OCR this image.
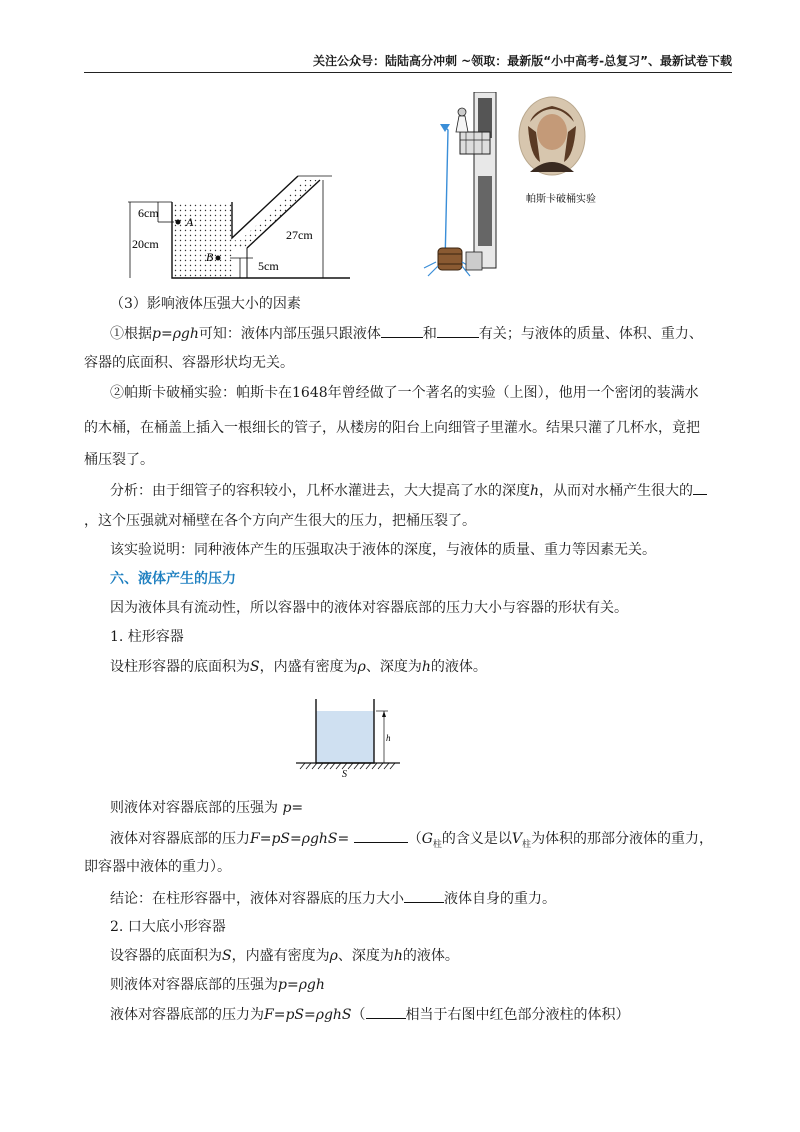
关注公众号：陆陆高分冲刺 ~领取：最新版“小中高考-总复习”、最新试卷下载
6cm
20cm
27cm
5cm
A
B
帕斯卡破桶实验
（3）影响液体压强大小的因素
①根据p=ρgh可知：液体内部压强只跟液体	和	有关；与液体的质量、体积、重力、
容器的底面积、容器形状均无关。
②帕斯卡破桶实验：帕斯卡在1648年曾经做了一个著名的实验（上图），他用一个密闭的装满水
的木桶，在桶盖上插入一根细长的管子，从楼房的阳台上向细管子里灌水。结果只灌了几杯水，竟把
桶压裂了。
分析：由于细管子的容积较小，几杯水灌进去，大大提高了水的深度h，从而对水桶产生很大的
，这个压强就对桶壁在各个方向产生很大的压力，把桶压裂了。
该实验说明：同种液体产生的压强取决于液体的深度，与液体的质量、重力等因素无关。
六、液体产生的压力
因为液体具有流动性，所以容器中的液体对容器底部的压力大小与容器的形状有关。
1. 柱形容器
设柱形容器的底面积为S，内盛有密度为ρ、深度为h的液体。
h
S
则液体对容器底部的压强为 p=
液体对容器底部的压力F=pS=ρghS=	（$G_柱$的含义是以$V_柱$为体积的那部分液体的重力，
即容器中液体的重力）。
结论：在柱形容器中，液体对容器底的压力大小	液体自身的重力。
2. 口大底小形容器
设容器的底面积为S，内盛有密度为ρ、深度为h的液体。
则液体对容器底部的压强为p=ρgh
液体对容器底部的压力为F=pS=ρghS（	相当于右图中红色部分液柱的体积）
